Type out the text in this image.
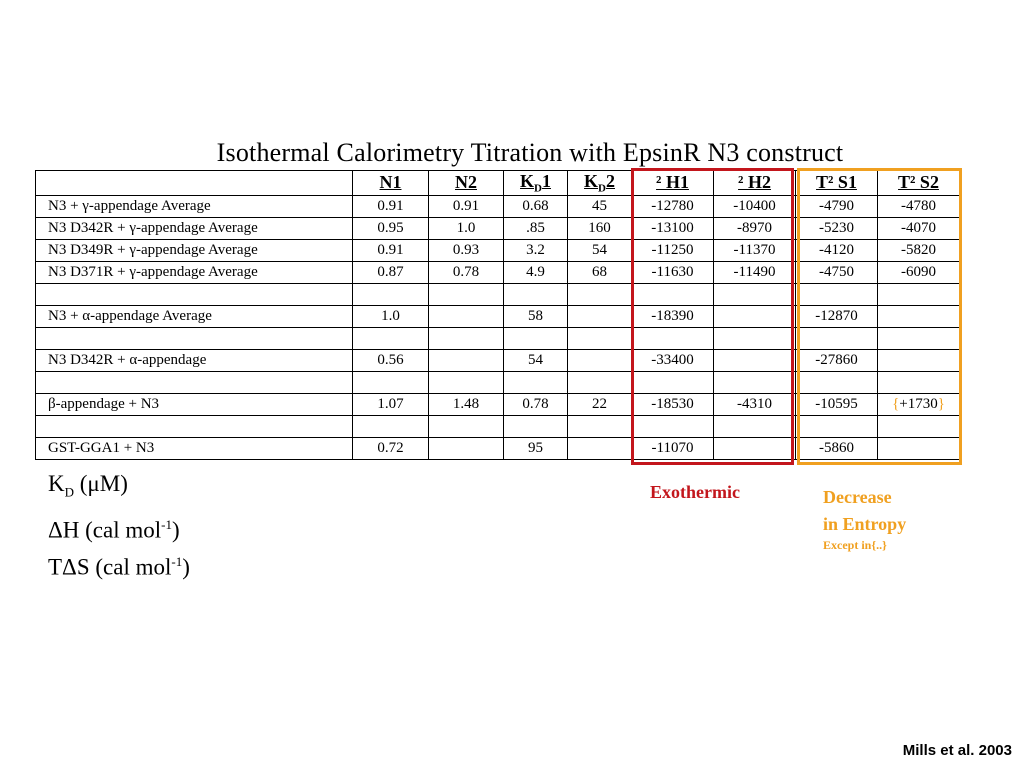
Isothermal Calorimetry Titration with EpsinR N3 construct
	N1	N2	$K_D1$	$K_D2$	² H1	² H2	T² S1	T² S2
N3 + γ-appendage Average	0.91	0.91	0.68	45	-12780	-10400	-4790	-4780
N3 D342R + γ-appendage Average	0.95	1.0	.85	160	-13100	-8970	-5230	-4070
N3 D349R + γ-appendage Average	0.91	0.93	3.2	54	-11250	-11370	-4120	-5820
N3 D371R + γ-appendage Average	0.87	0.78	4.9	68	-11630	-11490	-4750	-6090

N3 + α-appendage Average	1.0		58		-18390		-12870	

N3 D342R + α-appendage	0.56		54		-33400		-27860	

β-appendage + N3	1.07	1.48	0.78	22	-18530	-4310	-10595	{+1730}

GST-GGA1 + N3	0.72		95		-11070		-5860	
Exothermic	Decrease
in Entropy
Except in{..}
$K_D$ (μM)
ΔH (cal mol$^{-1}$)
TΔS (cal mol$^{-1}$)
Mills et al. 2003
